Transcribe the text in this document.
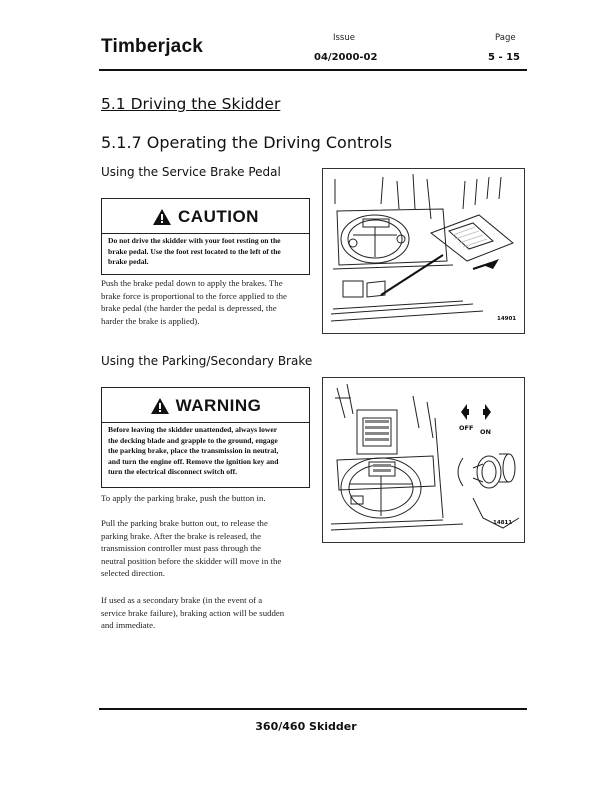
Timberjack	Issue
04/2000-02
Page
5 - 15
5.1 Driving the Skidder
5.1.7 Operating the Driving Controls
Using the Service Brake Pedal
CAUTION
Do not drive the skidder with your foot resting on the
brake pedal. Use the foot rest located to the left of the
brake pedal.
Push the brake pedal down to apply the brakes. The
brake force is proportional to the force applied to the
brake pedal (the harder the pedal is depressed, the
harder the brake is applied).	14901
Using the Parking/Secondary Brake
WARNING
Before leaving the skidder unattended, always lower
the decking blade and grapple to the ground, engage
the parking brake, place the transmission in neutral,
and turn the engine off. Remove the ignition key and
turn the electrical disconnect switch off.
To apply the parking brake, push the button in.
Pull the parking brake button out, to release the
parking brake. After the brake is released, the
transmission controller must pass through the
neutral position before the skidder will move in the
selected direction.
If used as a secondary brake (in the event of a
service brake failure), braking action will be sudden
and immediate.
OFF ON
14811
360/460 Skidder
